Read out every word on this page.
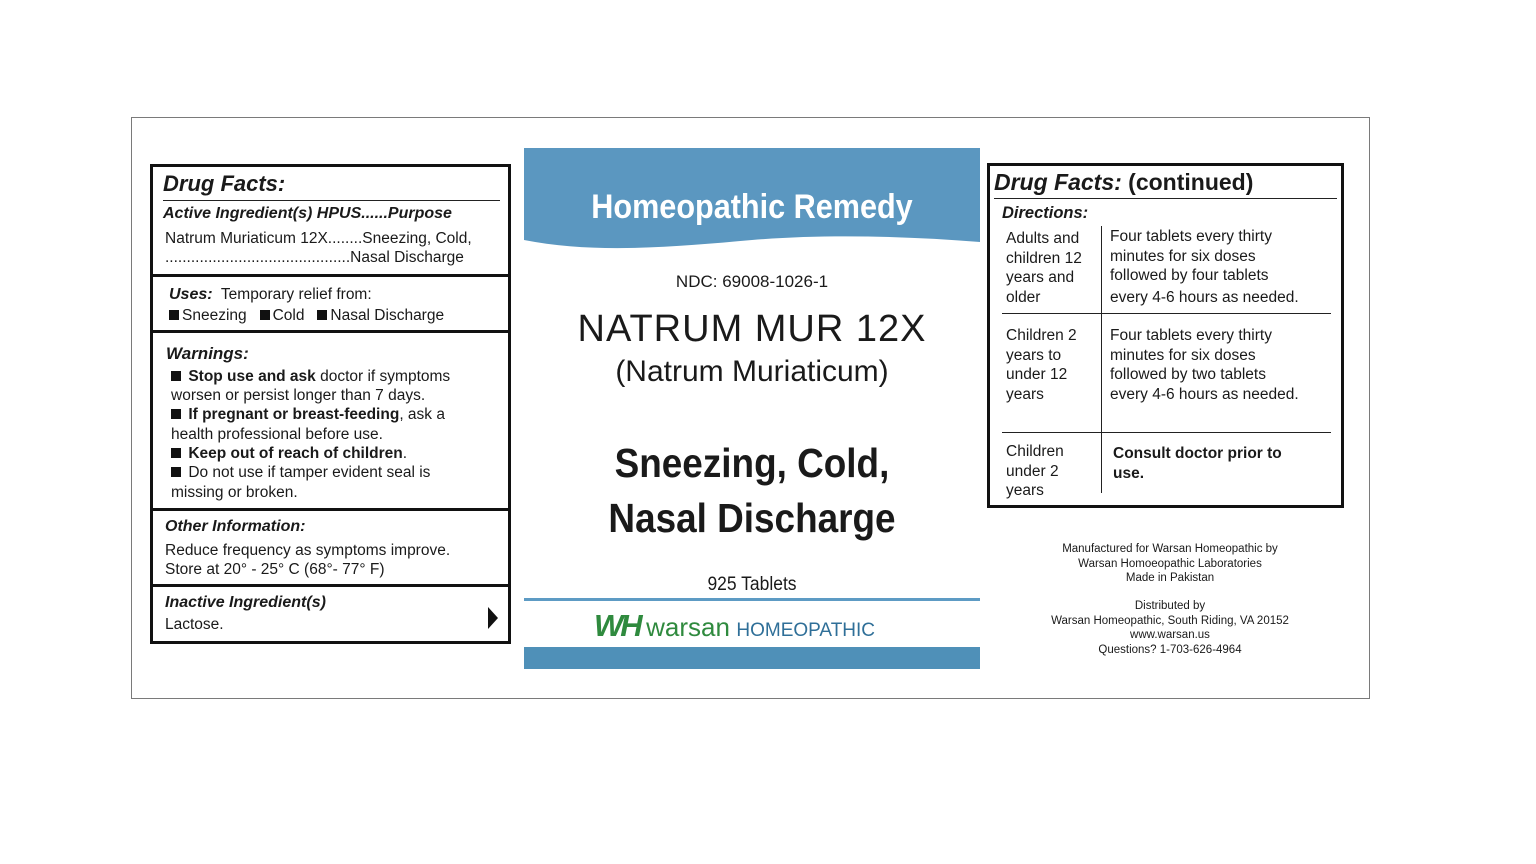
Drug Facts:
Active Ingredient(s) HPUS......Purpose
Natrum Muriaticum 12X........Sneezing, Cold,
...........................................Nasal Discharge
Uses: Temporary relief from:
Sneezing Cold Nasal Discharge
Warnings:
Stop use and ask doctor if symptoms
worsen or persist longer than 7 days.
If pregnant or breast-feeding, ask a
health professional before use.
Keep out of reach of children.
Do not use if tamper evident seal is
missing or broken.
Other Information:
Reduce frequency as symptoms improve.
Store at 20° - 25° C (68°- 77° F)
Inactive Ingredient(s)
Lactose.
Homeopathic Remedy
NDC: 69008-1026-1
NATRUM MUR 12X
(Natrum Muriaticum)
Sneezing, Cold,
Nasal Discharge
925 Tablets
WH warsan HOMEOPATHIC
Drug Facts: (continued)
Directions:
Adults and
children 12
years and
older
Four tablets every thirty
minutes for six doses
followed by four tablets
every 4-6 hours as needed.
Children 2
years to
under 12
years
Four tablets every thirty
minutes for six doses
followed by two tablets
every 4-6 hours as needed.
Children
under 2
years
Consult doctor prior to
use.
Manufactured for Warsan Homeopathic by
Warsan Homoeopathic Laboratories
Made in Pakistan
Distributed by
Warsan Homeopathic, South Riding, VA 20152
www.warsan.us
Questions? 1-703-626-4964
